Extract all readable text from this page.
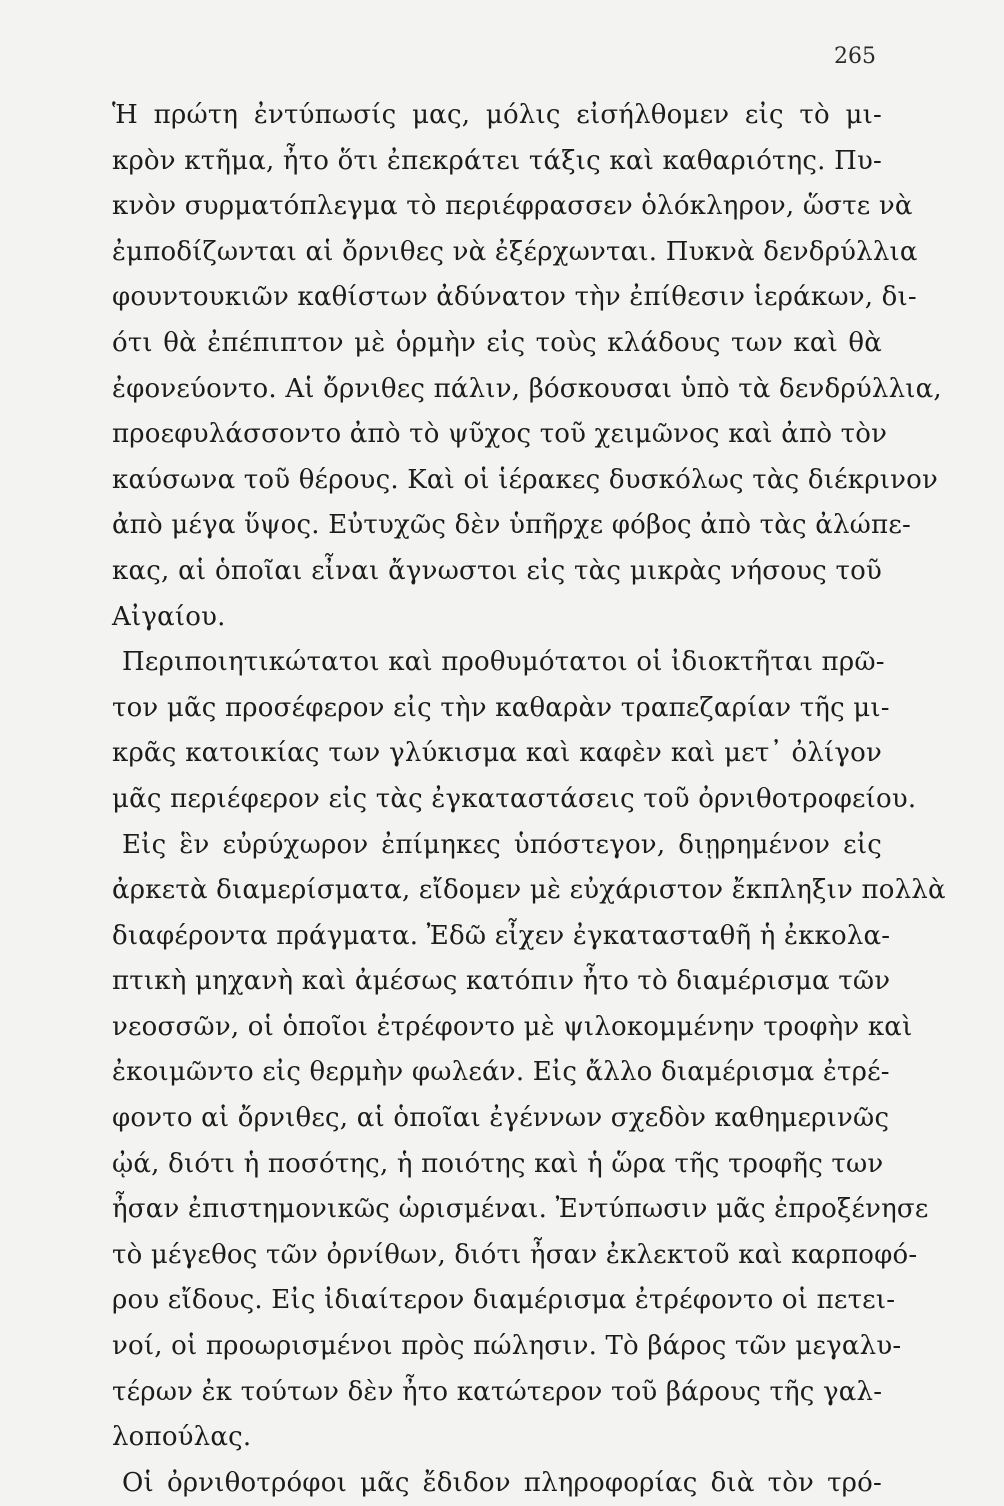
265
Ἡ πρώτη ἐντύπωσίς μας, μόλις εἰσήλθομεν εἰς τὸ μι-
κρὸν κτῆμα, ἦτο ὅτι ἐπεκράτει τάξις καὶ καθαριότης. Πυ-
κνὸν συρματόπλεγμα τὸ περιέφρασσεν ὁλόκληρον, ὥστε νὰ
ἐμποδίζωνται αἱ ὄρνιθες νὰ ἐξέρχωνται. Πυκνὰ δενδρύλλια
φουντουκιῶν καθίστων ἀδύνατον τὴν ἐπίθεσιν ἱεράκων, δι-
ότι θὰ ἐπέπιπτον μὲ ὁρμὴν εἰς τοὺς κλάδους των καὶ θὰ
ἐφονεύοντο. Αἱ ὄρνιθες πάλιν, βόσκουσαι ὑπὸ τὰ δενδρύλλια,
προεφυλάσσοντο ἀπὸ τὸ ψῦχος τοῦ χειμῶνος καὶ ἀπὸ τὸν
καύσωνα τοῦ θέρους. Καὶ οἱ ἱέρακες δυσκόλως τὰς διέκρινον
ἀπὸ μέγα ὕψος. Εὐτυχῶς δὲν ὑπῆρχε φόβος ἀπὸ τὰς ἀλώπε-
κας, αἱ ὁποῖαι εἶναι ἄγνωστοι εἰς τὰς μικρὰς νήσους τοῦ
Αἰγαίου.
Περιποιητικώτατοι καὶ προθυμότατοι οἱ ἰδιοκτῆται πρῶ-
τον μᾶς προσέφερον εἰς τὴν καθαρὰν τραπεζαρίαν τῆς μι-
κρᾶς κατοικίας των γλύκισμα καὶ καφὲν καὶ μετ᾽ ὀλίγον
μᾶς περιέφερον εἰς τὰς ἐγκαταστάσεις τοῦ ὀρνιθοτροφείου.
Εἰς ἓν εὐρύχωρον ἐπίμηκες ὑπόστεγον, διῃρημένον εἰς
ἀρκετὰ διαμερίσματα, εἴδομεν μὲ εὐχάριστον ἔκπληξιν πολλὰ
διαφέροντα πράγματα. Ἐδῶ εἶχεν ἐγκατασταθῆ ἡ ἐκκολα-
πτικὴ μηχανὴ καὶ ἀμέσως κατόπιν ἦτο τὸ διαμέρισμα τῶν
νεοσσῶν, οἱ ὁποῖοι ἐτρέφοντο μὲ ψιλοκομμένην τροφὴν καὶ
ἐκοιμῶντο εἰς θερμὴν φωλεάν. Εἰς ἄλλο διαμέρισμα ἐτρέ-
φοντο αἱ ὄρνιθες, αἱ ὁποῖαι ἐγέννων σχεδὸν καθημερινῶς
ᾠά, διότι ἡ ποσότης, ἡ ποιότης καὶ ἡ ὥρα τῆς τροφῆς των
ἦσαν ἐπιστημονικῶς ὡρισμέναι. Ἐντύπωσιν μᾶς ἐπροξένησε
τὸ μέγεθος τῶν ὀρνίθων, διότι ἦσαν ἐκλεκτοῦ καὶ καρποφό-
ρου εἴδους. Εἰς ἰδιαίτερον διαμέρισμα ἐτρέφοντο οἱ πετει-
νοί, οἱ προωρισμένοι πρὸς πώλησιν. Τὸ βάρος τῶν μεγαλυ-
τέρων ἐκ τούτων δὲν ἦτο κατώτερον τοῦ βάρους τῆς γαλ-
λοπούλας.
Οἱ ὀρνιθοτρόφοι μᾶς ἔδιδον πληροφορίας διὰ τὸν τρό-
